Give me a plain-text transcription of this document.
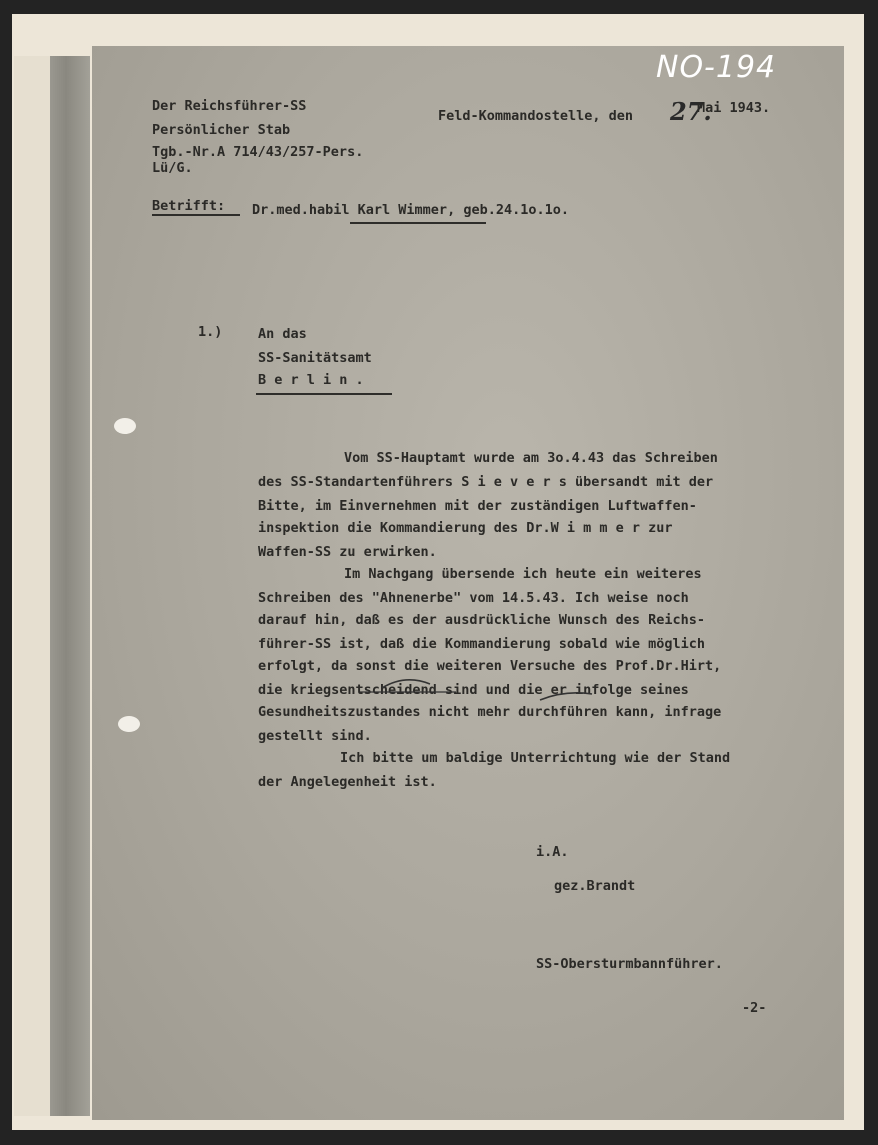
NO-194
Der Reichsführer-SS
Persönlicher Stab
Tgb.-Nr.A 714/43/257-Pers.
Lü/G.
Feld-Kommandostelle, den 27.
Mai 1943.
Betrifft: Dr.med.habil Karl Wimmer, geb.24.1o.1o.
1.)	An das
SS-Sanitätsamt
B e r l i n .
Vom SS-Hauptamt wurde am 3o.4.43 das Schreiben
des SS-Standartenführers S i e v e r s übersandt mit der
Bitte, im Einvernehmen mit der zuständigen Luftwaffen-
inspektion die Kommandierung des Dr.W i m m e r zur
Waffen-SS zu erwirken.
Im Nachgang übersende ich heute ein weiteres
Schreiben des "Ahnenerbe" vom 14.5.43. Ich weise noch
darauf hin, daß es der ausdrückliche Wunsch des Reichs-
führer-SS ist, daß die Kommandierung sobald wie möglich
erfolgt, da sonst die weiteren Versuche des Prof.Dr.Hirt,
die kriegsentscheidend sind und die er infolge seines
Gesundheitszustandes nicht mehr durchführen kann, infrage
gestellt sind.
Ich bitte um baldige Unterrichtung wie der Stand
der Angelegenheit ist.
i.A.
gez.Brandt
SS-Obersturmbannführer.
-2-
